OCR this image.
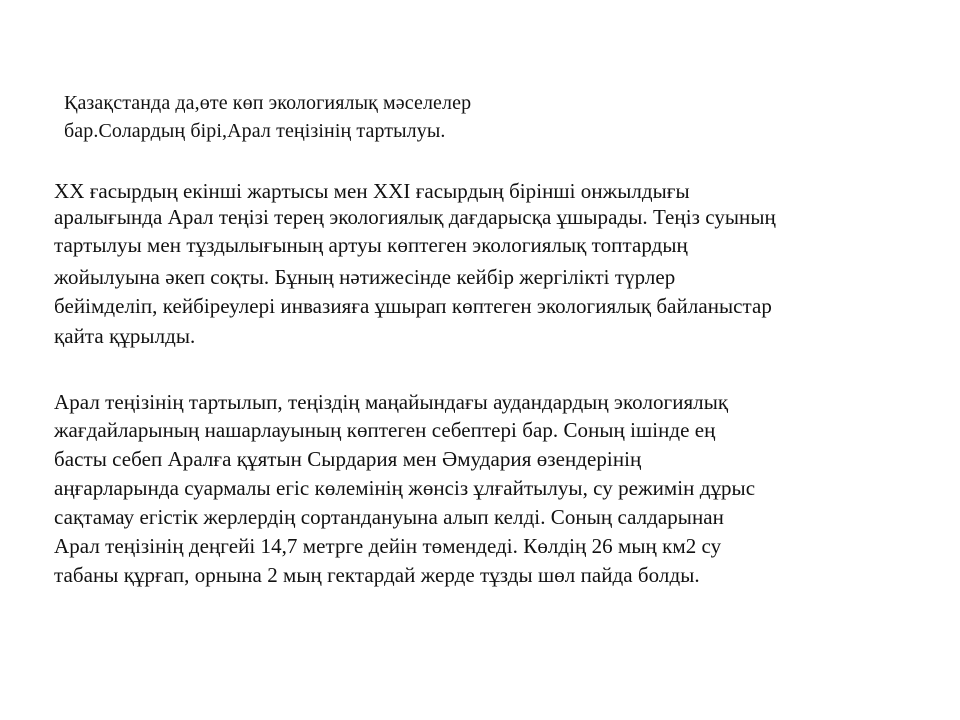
Қазақстанда да,өте көп экологиялық мәселелер

бар.Солардың бірі,Арал теңізінің тартылуы.

XX ғасырдың екінші жартысы мен XXI ғасырдың бірінші онжылдығы

аралығында Арал теңізі терең экологиялық дағдарысқа ұшырады. Теңіз суының

тартылуы мен тұздылығының артуы көптеген экологиялық топтардың

жойылуына әкеп соқты. Бұның нәтижесінде кейбір жергілікті түрлер

бейімделіп, кейбіреулері инвазияға ұшырап көптеген экологиялық байланыстар

қайта құрылды.

Арал теңізінің тартылып, теңіздің маңайындағы аудандардың экологиялық

жағдайларының нашарлауының көптеген себептері бар. Соның ішінде ең

басты себеп Аралға құятын Сырдария мен Әмудария өзендерінің

аңғарларында суармалы егіс көлемінің жөнсіз ұлғайтылуы, су режимін дұрыс

сақтамау егістік жерлердің сортандануына алып келді. Соның салдарынан

Арал теңізінің деңгейі 14,7 метрге дейін төмендеді. Көлдің 26 мың км2 су

табаны құрғап, орнына 2 мың гектардай жерде тұзды шөл пайда болды.
